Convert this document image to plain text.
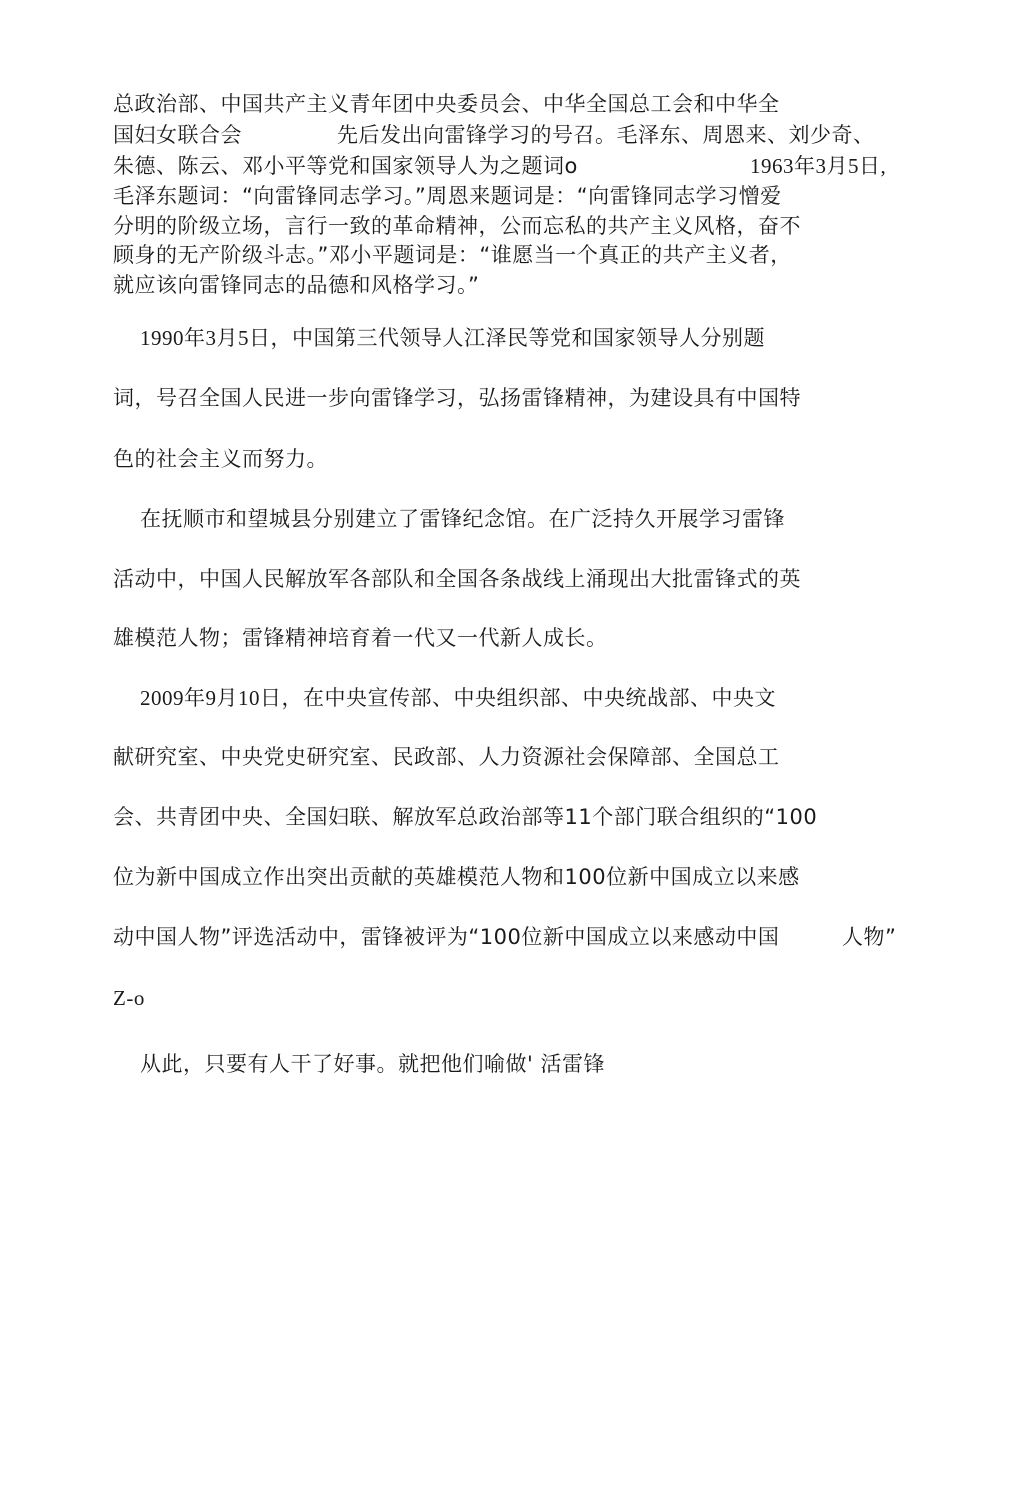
总政治部、中国共产主义青年团中央委员会、中华全国总工会和中华全
国妇女联合会	先后发出向雷锋学习的号召。毛泽东、周恩来、刘少奇、
朱德、陈云、邓小平等党和国家领导人为之题词o	1963年3月5日,
毛泽东题词：“向雷锋同志学习。”周恩来题词是：“向雷锋同志学习憎爱
分明的阶级立场，言行一致的革命精神，公而忘私的共产主义风格，奋不
顾身的无产阶级斗志。”邓小平题词是：“谁愿当一个真正的共产主义者，
就应该向雷锋同志的品德和风格学习。”
1990年3月5日，中国第三代领导人江泽民等党和国家领导人分别题
词，号召全国人民进一步向雷锋学习，弘扬雷锋精神，为建设具有中国特
色的社会主义而努力。
在抚顺市和望城县分别建立了雷锋纪念馆。在广泛持久开展学习雷锋
活动中，中国人民解放军各部队和全国各条战线上涌现出大批雷锋式的英
雄模范人物；雷锋精神培育着一代又一代新人成长。
2009年9月10日，在中央宣传部、中央组织部、中央统战部、中央文
献研究室、中央党史研究室、民政部、人力资源社会保障部、全国总工
会、共青团中央、全国妇联、解放军总政治部等11个部门联合组织的“100
位为新中国成立作出突出贡献的英雄模范人物和100位新中国成立以来感
动中国人物”评选活动中，雷锋被评为“100位新中国成立以来感动中国	人物”
Z-o
从此，只要有人干了好事。就把他们喻做' 活雷锋
